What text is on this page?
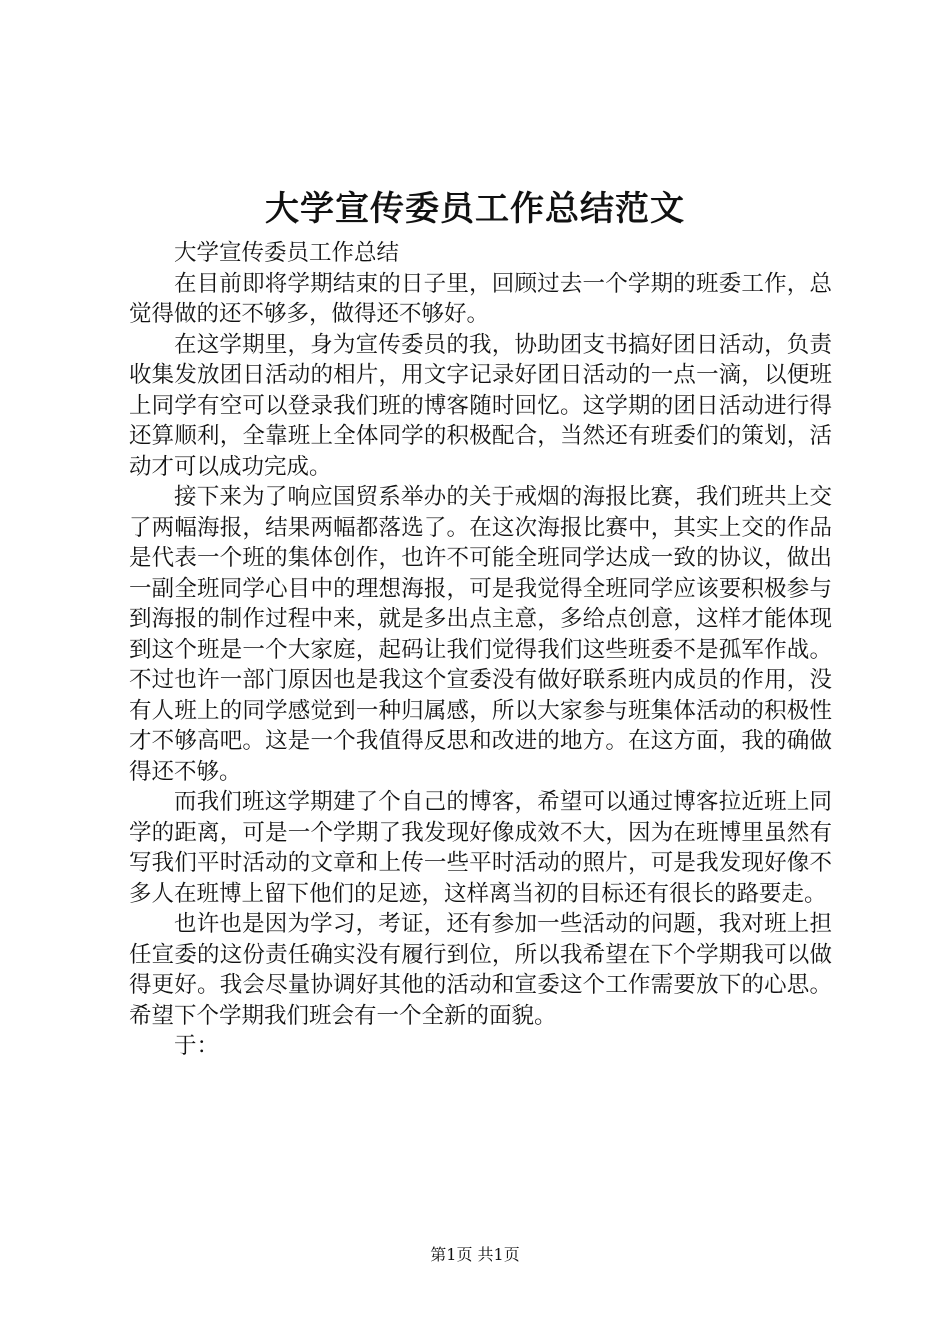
大学宣传委员工作总结范文

大学宣传委员工作总结

在目前即将学期结束的日子里，回顾过去一个学期的班委工作，总觉得做的还不够多，做得还不够好。

在这学期里，身为宣传委员的我，协助团支书搞好团日活动，负责收集发放团日活动的相片，用文字记录好团日活动的一点一滴，以便班上同学有空可以登录我们班的博客随时回忆。这学期的团日活动进行得还算顺利，全靠班上全体同学的积极配合，当然还有班委们的策划，活动才可以成功完成。

接下来为了响应国贸系举办的关于戒烟的海报比赛，我们班共上交了两幅海报，结果两幅都落选了。在这次海报比赛中，其实上交的作品是代表一个班的集体创作，也许不可能全班同学达成一致的协议，做出一副全班同学心目中的理想海报，可是我觉得全班同学应该要积极参与到海报的制作过程中来，就是多出点主意，多给点创意，这样才能体现到这个班是一个大家庭，起码让我们觉得我们这些班委不是孤军作战。不过也许一部门原因也是我这个宣委没有做好联系班内成员的作用，没有人班上的同学感觉到一种归属感，所以大家参与班集体活动的积极性才不够高吧。这是一个我值得反思和改进的地方。在这方面，我的确做得还不够。

而我们班这学期建了个自己的博客，希望可以通过博客拉近班上同学的距离，可是一个学期了我发现好像成效不大，因为在班博里虽然有写我们平时活动的文章和上传一些平时活动的照片，可是我发现好像不多人在班博上留下他们的足迹，这样离当初的目标还有很长的路要走。

也许也是因为学习，考证，还有参加一些活动的问题，我对班上担任宣委的这份责任确实没有履行到位，所以我希望在下个学期我可以做得更好。我会尽量协调好其他的活动和宣委这个工作需要放下的心思。希望下个学期我们班会有一个全新的面貌。

于：

第1页 共1页
